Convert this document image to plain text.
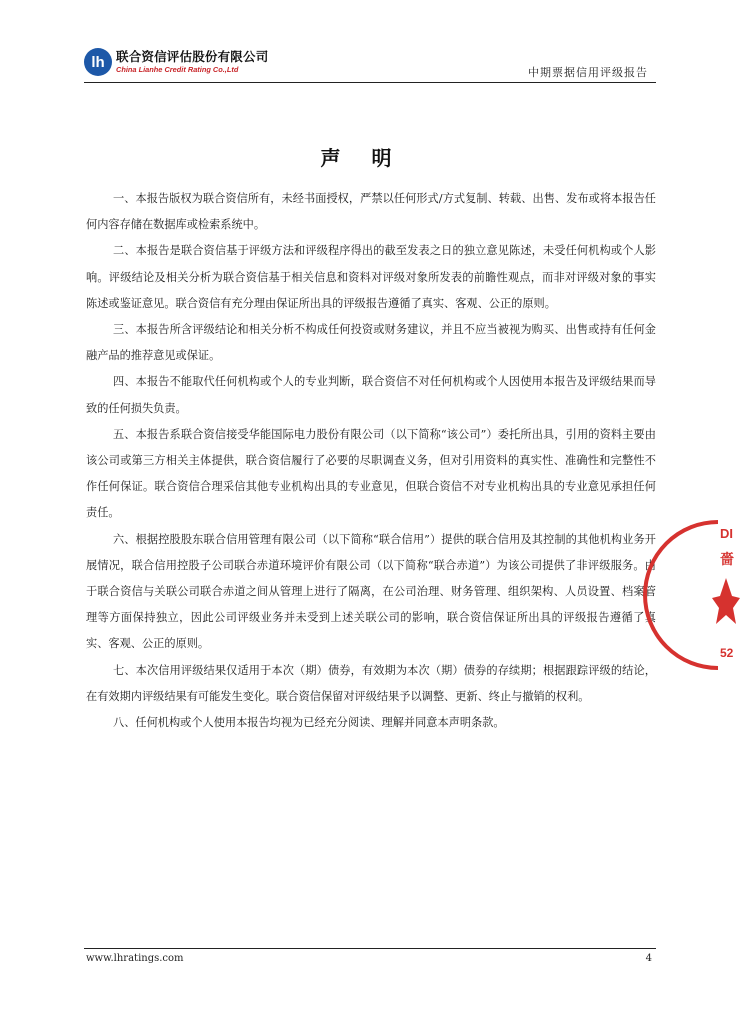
lh 联合资信评估股份有限公司
China Lianhe Credit Rating Co.,Ltd	中期票据信用评级报告
声 明

一、本报告版权为联合资信所有，未经书面授权，严禁以任何形式/方式复制、转载、出售、发布或将本报告任何内容存储在数据库或检索系统中。

二、本报告是联合资信基于评级方法和评级程序得出的截至发表之日的独立意见陈述，未受任何机构或个人影响。评级结论及相关分析为联合资信基于相关信息和资料对评级对象所发表的前瞻性观点，而非对评级对象的事实陈述或鉴证意见。联合资信有充分理由保证所出具的评级报告遵循了真实、客观、公正的原则。

三、本报告所含评级结论和相关分析不构成任何投资或财务建议，并且不应当被视为购买、出售或持有任何金融产品的推荐意见或保证。

四、本报告不能取代任何机构或个人的专业判断，联合资信不对任何机构或个人因使用本报告及评级结果而导致的任何损失负责。

五、本报告系联合资信接受华能国际电力股份有限公司（以下简称“该公司”）委托所出具，引用的资料主要由该公司或第三方相关主体提供，联合资信履行了必要的尽职调查义务，但对引用资料的真实性、准确性和完整性不作任何保证。联合资信合理采信其他专业机构出具的专业意见，但联合资信不对专业机构出具的专业意见承担任何责任。

六、根据控股股东联合信用管理有限公司（以下简称“联合信用”）提供的联合信用及其控制的其他机构业务开展情况，联合信用控股子公司联合赤道环境评价有限公司（以下简称“联合赤道”）为该公司提供了非评级服务。由于联合资信与关联公司联合赤道之间从管理上进行了隔离，在公司治理、财务管理、组织架构、人员设置、档案管理等方面保持独立，因此公司评级业务并未受到上述关联公司的影响，联合资信保证所出具的评级报告遵循了真实、客观、公正的原则。

七、本次信用评级结果仅适用于本次（期）债券，有效期为本次（期）债券的存续期；根据跟踪评级的结论，在有效期内评级结果有可能发生变化。联合资信保留对评级结果予以调整、更新、终止与撤销的权利。

八、任何机构或个人使用本报告均视为已经充分阅读、理解并同意本声明条款。

DI
嗇
52
www.lhratings.com	4
